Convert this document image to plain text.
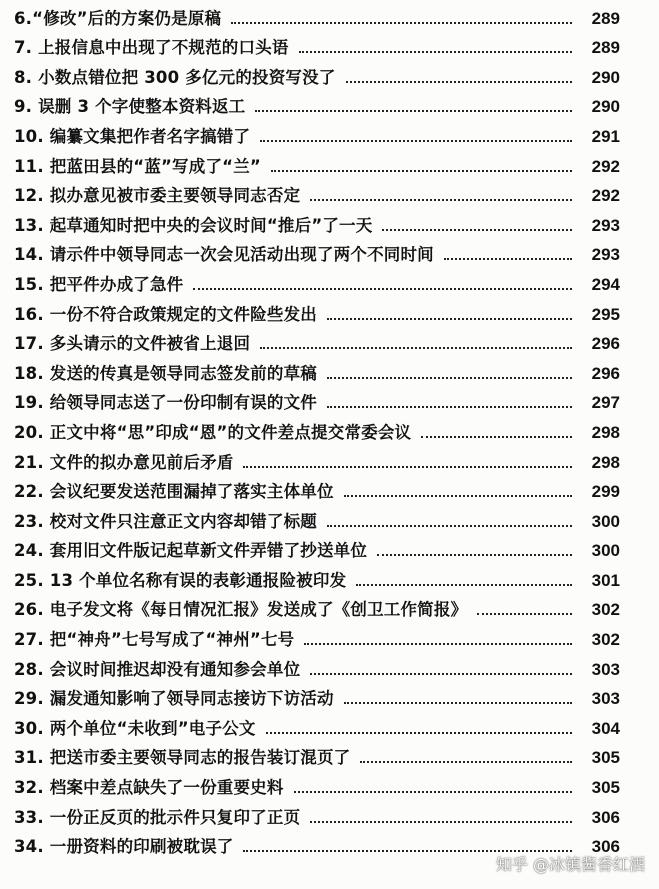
6.“修改”后的方案仍是原稿	289
7. 上报信息中出现了不规范的口头语	289
8. 小数点错位把 300 多亿元的投资写没了	290
9. 误删 3 个字使整本资料返工	290
10. 编纂文集把作者名字搞错了	291
11. 把蓝田县的“蓝”写成了“兰”	292
12. 拟办意见被市委主要领导同志否定	292
13. 起草通知时把中央的会议时间“推后”了一天	293
14. 请示件中领导同志一次会见活动出现了两个不同时间	293
15. 把平件办成了急件	294
16. 一份不符合政策规定的文件险些发出	295
17. 多头请示的文件被省上退回	296
18. 发送的传真是领导同志签发前的草稿	296
19. 给领导同志送了一份印制有误的文件	297
20. 正文中将“思”印成“恩”的文件差点提交常委会议	298
21. 文件的拟办意见前后矛盾	298
22. 会议纪要发送范围漏掉了落实主体单位	299
23. 校对文件只注意正文内容却错了标题	300
24. 套用旧文件版记起草新文件弄错了抄送单位	300
25. 13 个单位名称有误的表彰通报险被印发	301
26. 电子发文将《每日情况汇报》发送成了《创卫工作简报》	302
27. 把“神舟”七号写成了“神州”七号	302
28. 会议时间推迟却没有通知参会单位	303
29. 漏发通知影响了领导同志接访下访活动	303
30. 两个单位“未收到”电子公文	304
31. 把送市委主要领导同志的报告装订混页了	305
32. 档案中差点缺失了一份重要史料	305
33. 一份正反页的批示件只复印了正页	306
34. 一册资料的印刷被耽误了	306
知乎 @冰镇酱香红酒
